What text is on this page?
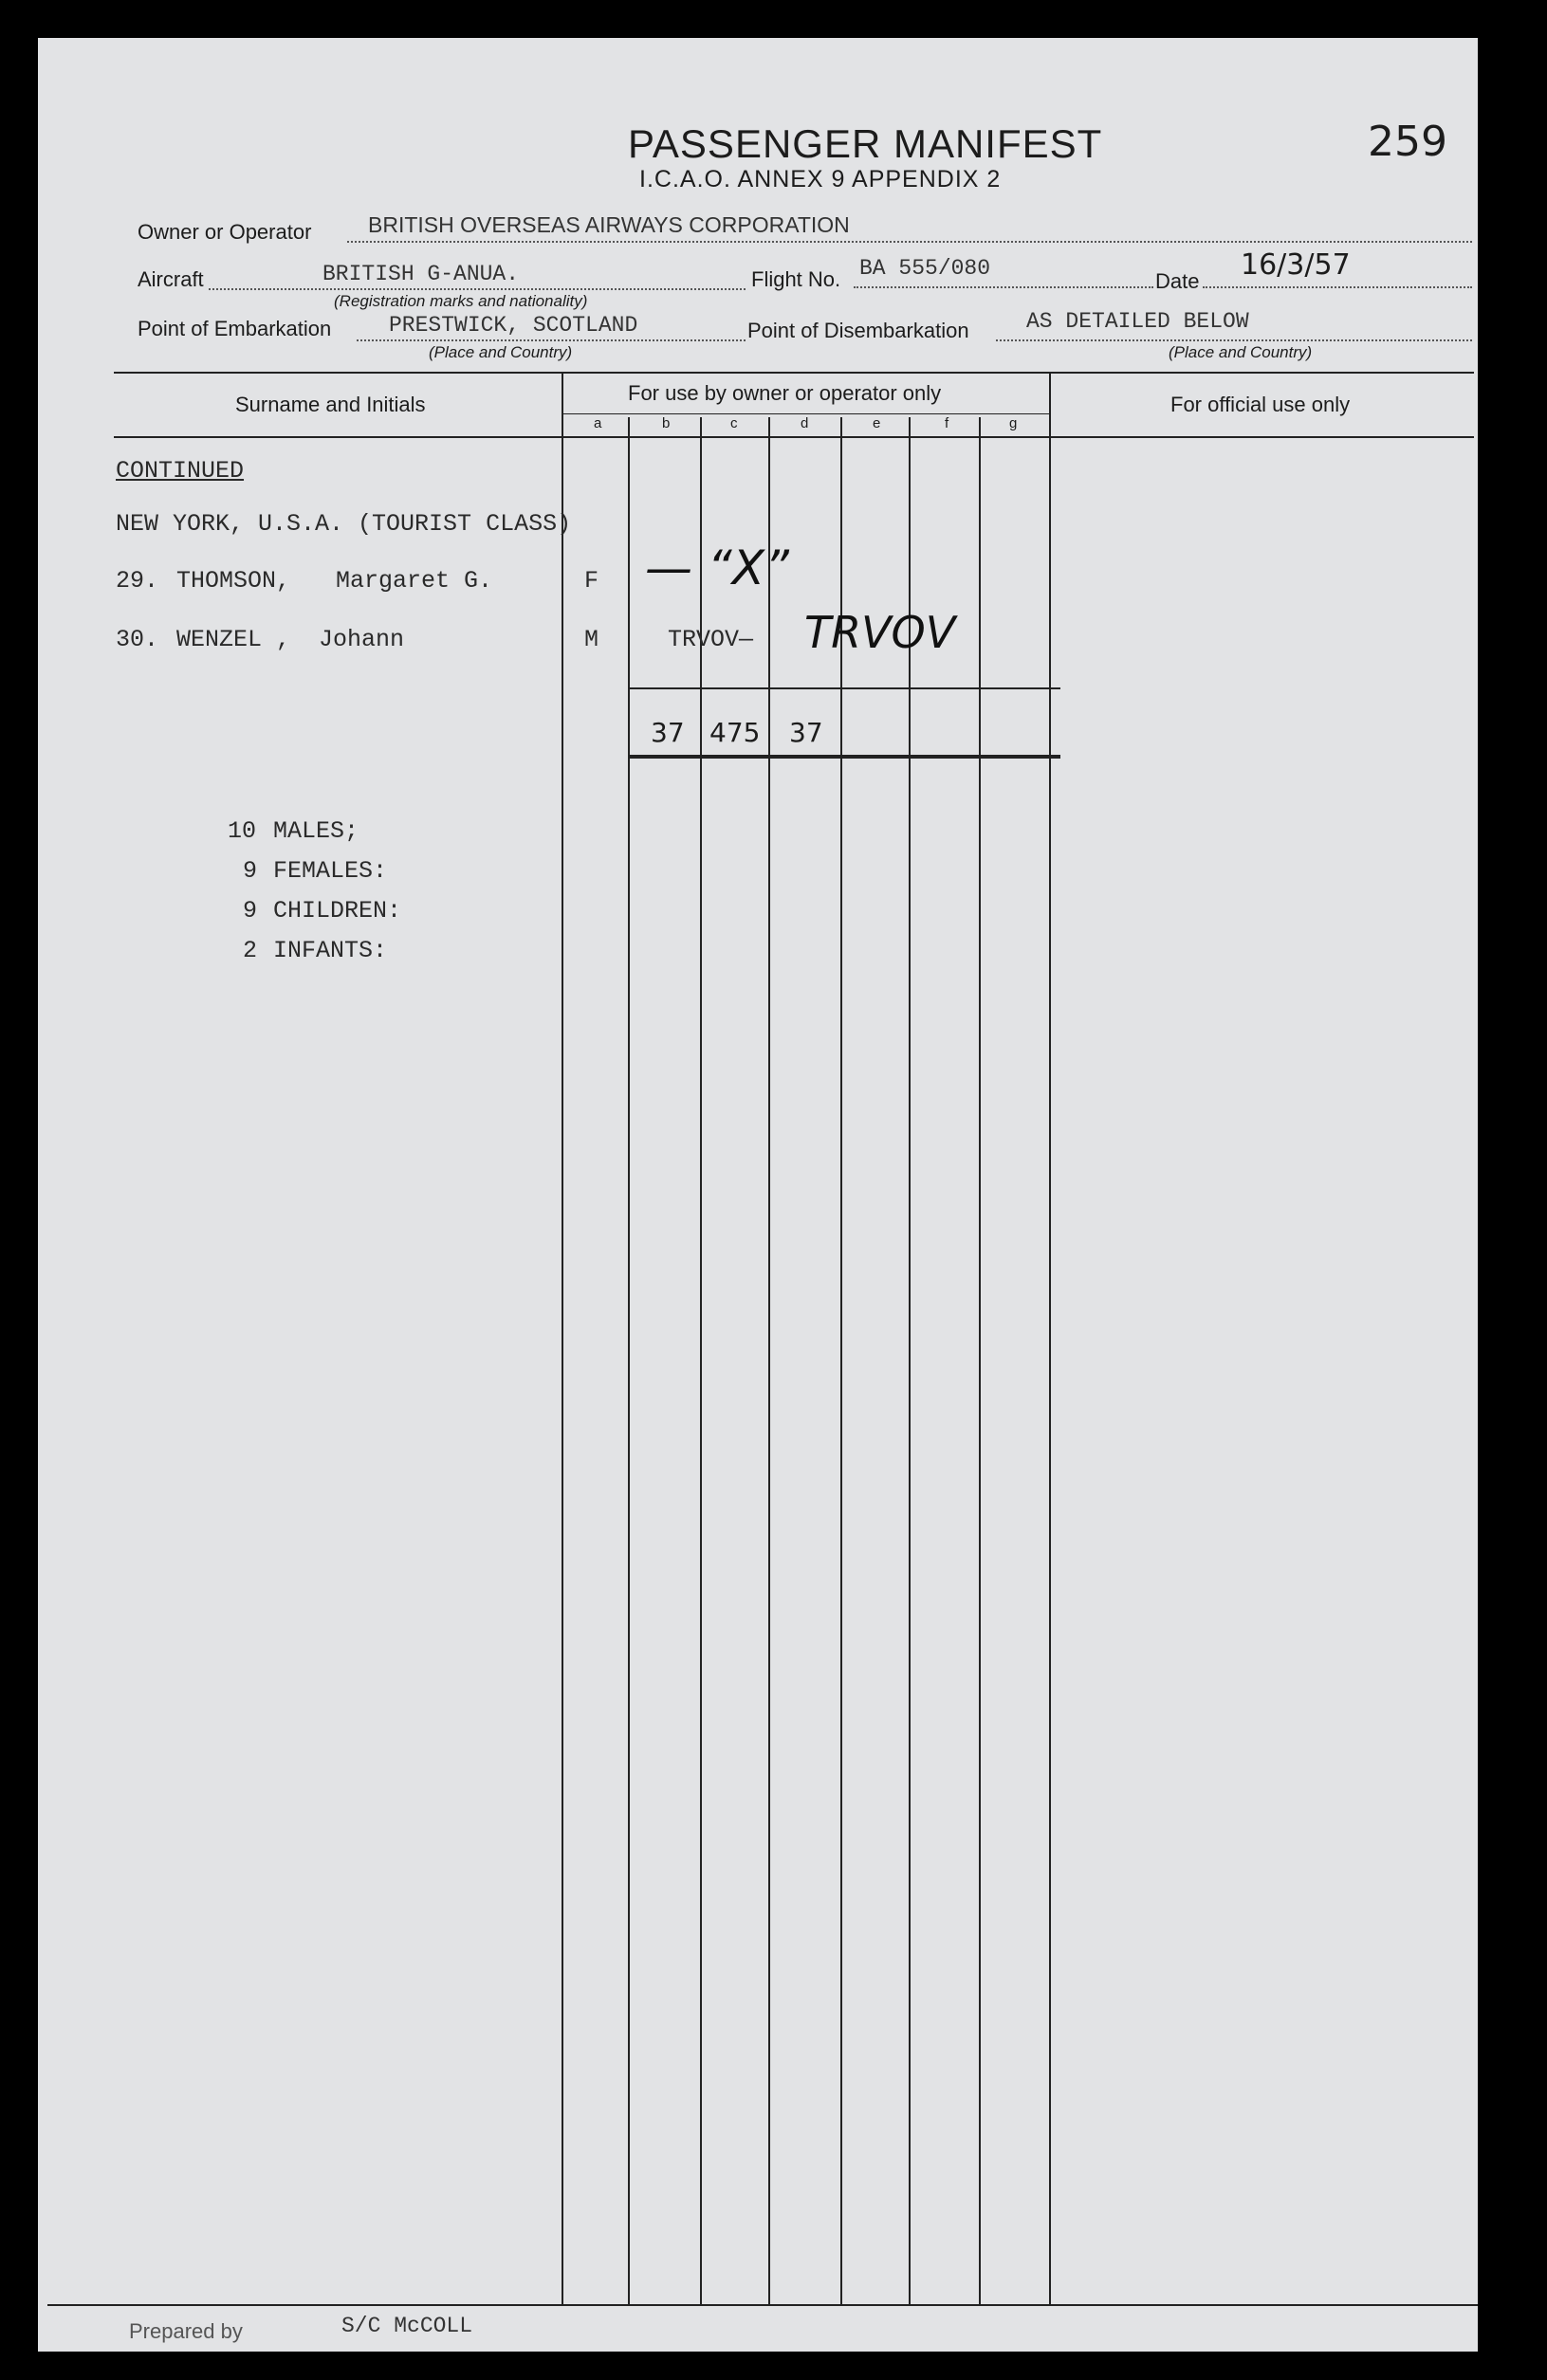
PASSENGER MANIFEST
I.C.A.O. ANNEX 9 APPENDIX 2
259
Owner or Operator	BRITISH OVERSEAS AIRWAYS CORPORATION
Aircraft	BRITISH G-ANUA.
(Registration marks and nationality)
Flight No. BA 555/080
Date 16/3/57
Point of Embarkation	PRESTWICK, SCOTLAND
(Place and Country)
Point of Disembarkation	AS DETAILED BELOW
(Place and Country)
Surname and Initials	For use by owner or operator only	For official use only
a	b	c	d	e	f	g
CONTINUED
NEW YORK, U.S.A. (TOURIST CLASS)
29. THOMSON, Margaret G.	F — “X”
30. WENZEL , Johann	M	TRVOV— TRVOV
37 475 37
10 MALES;
9 FEMALES:
9 CHILDREN:
2 INFANTS:
Prepared by	S/C McCOLL
